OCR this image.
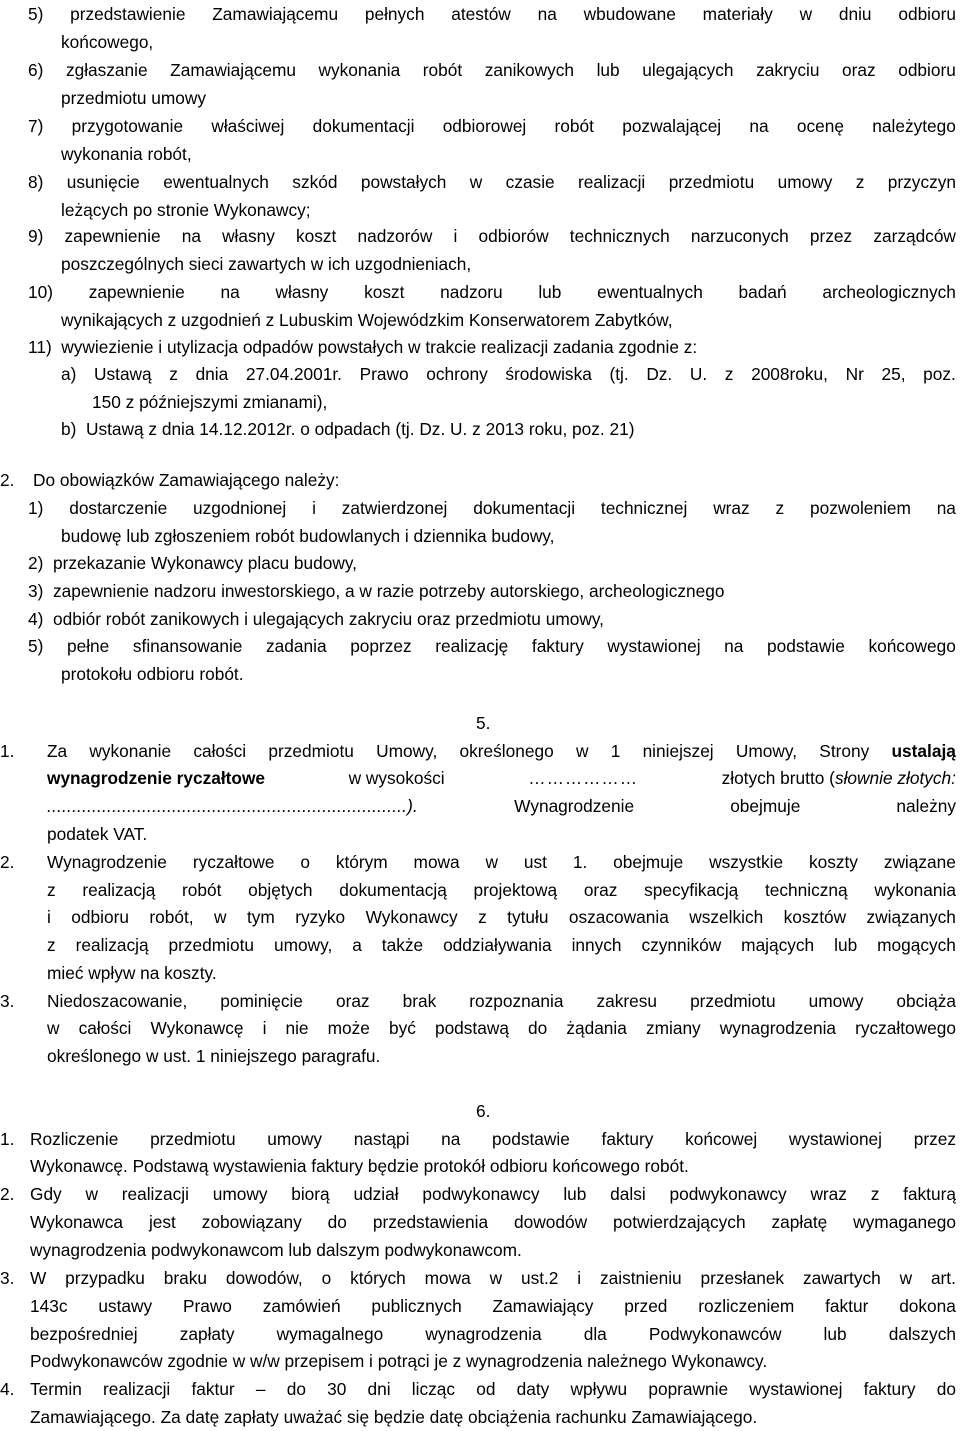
5) przedstawienie Zamawiającemu pełnych atestów na wbudowane materiały w dniu odbioru
końcowego,
6) zgłaszanie Zamawiającemu wykonania robót zanikowych lub ulegających zakryciu oraz odbioru
przedmiotu umowy
7) przygotowanie właściwej dokumentacji odbiorowej robót pozwalającej na ocenę należytego
wykonania robót,
8) usunięcie ewentualnych szkód powstałych w czasie realizacji przedmiotu umowy z przyczyn
leżących po stronie Wykonawcy;
9) zapewnienie na własny koszt nadzorów i odbiorów technicznych narzuconych przez zarządców
poszczególnych sieci zawartych w ich uzgodnieniach,
10) zapewnienie na własny koszt nadzoru lub ewentualnych badań archeologicznych
wynikających z uzgodnień z Lubuskim Wojewódzkim Konserwatorem Zabytków,
11)  wywiezienie i utylizacja odpadów powstałych w trakcie realizacji zadania zgodnie z:
a) Ustawą z dnia 27.04.2001r. Prawo ochrony środowiska (tj. Dz. U. z 2008roku, Nr 25, poz.
150 z późniejszymi zmianami),
b)  Ustawą z dnia 14.12.2012r. o odpadach (tj. Dz. U. z 2013 roku, poz. 21)
2. Do obowiązków Zamawiającego należy:
1) dostarczenie uzgodnionej i zatwierdzonej dokumentacji technicznej wraz z pozwoleniem na
budowę lub zgłoszeniem robót budowlanych i dziennika budowy,
2)  przekazanie Wykonawcy placu budowy,
3)  zapewnienie nadzoru inwestorskiego, a w razie potrzeby autorskiego, archeologicznego
4)  odbiór robót zanikowych i ulegających zakryciu oraz przedmiotu umowy,
5) pełne sfinansowanie zadania poprzez realizację faktury wystawionej na podstawie końcowego
protokołu odbioru robót.
5.
1. Za wykonanie całości przedmiotu Umowy, określonego w 1 niniejszej Umowy, Strony ustalają
wynagrodzenie ryczałtowe	w wysokości	………………	złotych brutto (słownie złotych:
........................................................................).	Wynagrodzenie	obejmuje	należny
podatek VAT.
2. Wynagrodzenie ryczałtowe o którym mowa w ust 1. obejmuje wszystkie koszty związane
z realizacją robót objętych dokumentacją projektową oraz specyfikacją techniczną wykonania
i odbioru robót, w tym ryzyko Wykonawcy z tytułu oszacowania wszelkich kosztów związanych
z realizacją przedmiotu umowy, a także oddziaływania innych czynników mających lub mogących
mieć wpływ na koszty.
3. Niedoszacowanie, pominięcie oraz brak rozpoznania zakresu przedmiotu umowy obciąża
w całości Wykonawcę i nie może być podstawą do żądania zmiany wynagrodzenia ryczałtowego
określonego w ust. 1 niniejszego paragrafu.
6.
1. Rozliczenie przedmiotu umowy nastąpi na podstawie faktury końcowej wystawionej przez
Wykonawcę. Podstawą wystawienia faktury będzie protokół odbioru końcowego robót.
2. Gdy w realizacji umowy biorą udział podwykonawcy lub dalsi podwykonawcy wraz z fakturą
Wykonawca jest zobowiązany do przedstawienia dowodów potwierdzających zapłatę wymaganego
wynagrodzenia podwykonawcom lub dalszym podwykonawcom.
3. W przypadku braku dowodów, o których mowa w ust.2 i zaistnieniu przesłanek zawartych w art.
143c ustawy Prawo zamówień publicznych Zamawiający przed rozliczeniem faktur dokona
bezpośredniej zapłaty wymagalnego wynagrodzenia dla Podwykonawców lub dalszych
Podwykonawców zgodnie w w/w przepisem i potrąci je z wynagrodzenia należnego Wykonawcy.
4. Termin realizacji faktur – do 30 dni licząc od daty wpływu poprawnie wystawionej faktury do
Zamawiającego. Za datę zapłaty uważać się będzie datę obciążenia rachunku Zamawiającego.
